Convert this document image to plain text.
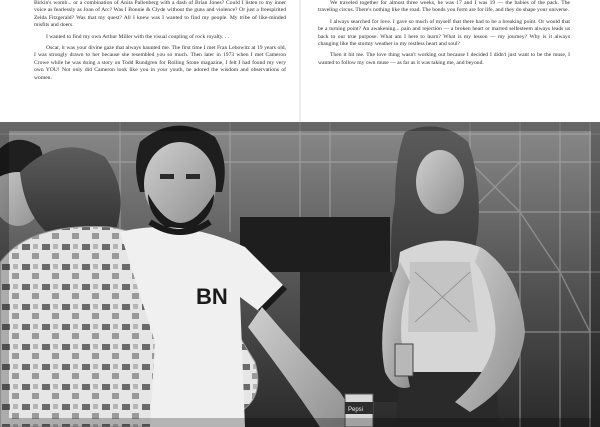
Birkin's womb... or a combination of Anita Pallenberg with a dash of Brian Jones? Could I listen to my inner voice as fearlessly as Joan of Arc? Was I Bonnie & Clyde without the guns and violence? Or just a freespirited Zelda Fitzgerald? Was that my quest? All I knew was I wanted to find my people. My tribe of like-minded misfits and doers.

I wanted to find my own Arthur Miller with the visual coupling of rock royalty. . .

Oscar, it was your divine gaze that always haunted me. The first time I met Fran Lebowitz at 19 years old, I was strongly drawn to her because she resembled you so much. Then later in 1973 when I met Cameron Crowe while he was doing a story on Todd Rundgren for Rolling Stone magazine, I felt I had found my very own YOU! Not only did Cameron look like you in your youth, he adored the wisdom and observations of women.

We traveled together for almost three weeks, he was 17 and I was 19 — the babies of the pack. The traveling circus. There's nothing like the road. The bonds you form are for life, and they do shape your universe.

I always searched for love. I gave so much of myself that there had to be a breaking point. Or would that be a turning point? An awakening... pain and rejection — a broken heart or marred selfesteem always leads us back to our true purpose. What am I here to learn? What is my lesson — my journey? Why is it always changing like the stormy weather in my restless heart and soul?

Then it hit me. The love thing wasn't working out because I decided I didn't just want to be the muse, I wanted to follow my own muse — as far as it was taking me, and beyond.

BN
Pepsi
